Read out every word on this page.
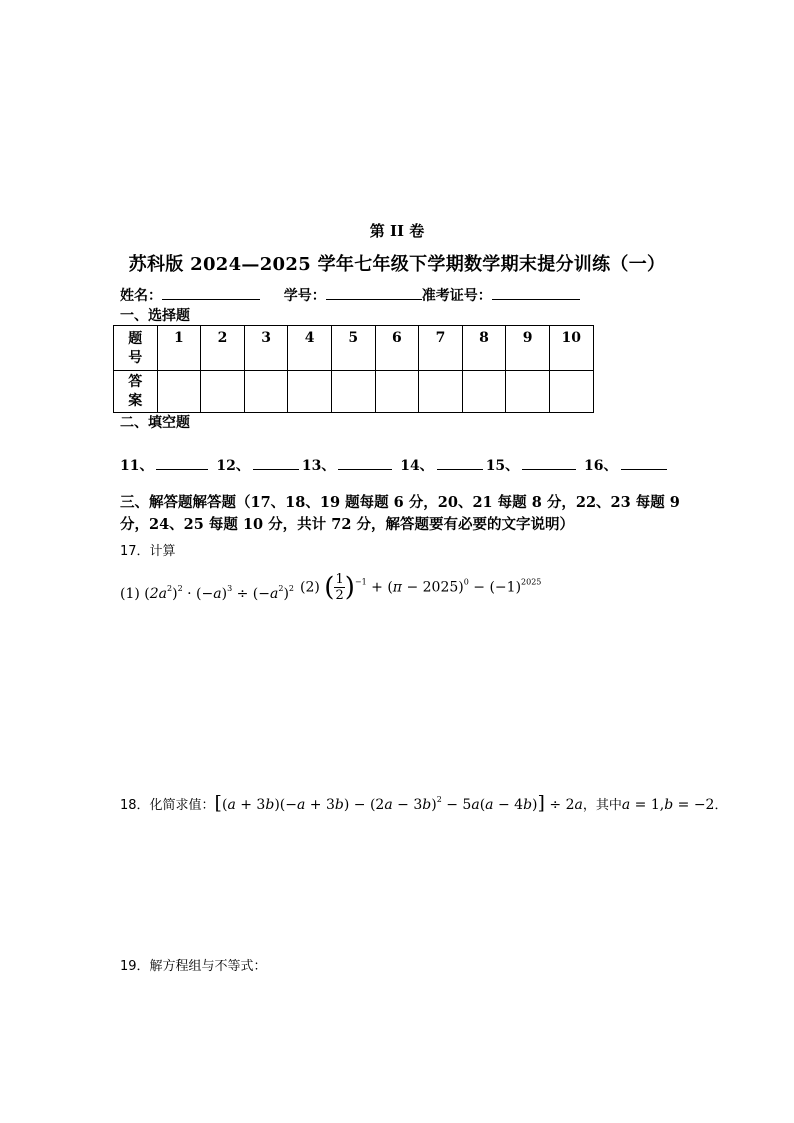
第 II 卷
苏科版 2024—2025 学年七年级下学期数学期末提分训练（一）
姓名：	学号：	准考证号：
一、选择题
题
号	1	2	3	4	5	6	7	8	9	10
答
案										
二、填空题
11、	12、	13、	14、	15、	16、
三、解答题解答题（17、18、19 题每题 6 分，20、21 每题 8 分，22、23 每题 9 分，24、25 每题 10 分，共计 72 分，解答题要有必要的文字说明）
17．计算
(1) $(2a^2)^2 \cdot (-a)^3 \div (-a^2)^2$ (2) ( $\frac{1}{2} )^{-1} + (\pi - 2025)^0 - (-1)^{2025}$
18．化简求值：$[(a + 3b)(-a + 3b) - (2a - 3b)^2 - 5a(a - 4b)] \div 2a$，其中a = 1,b = −2．
19．解方程组与不等式：
